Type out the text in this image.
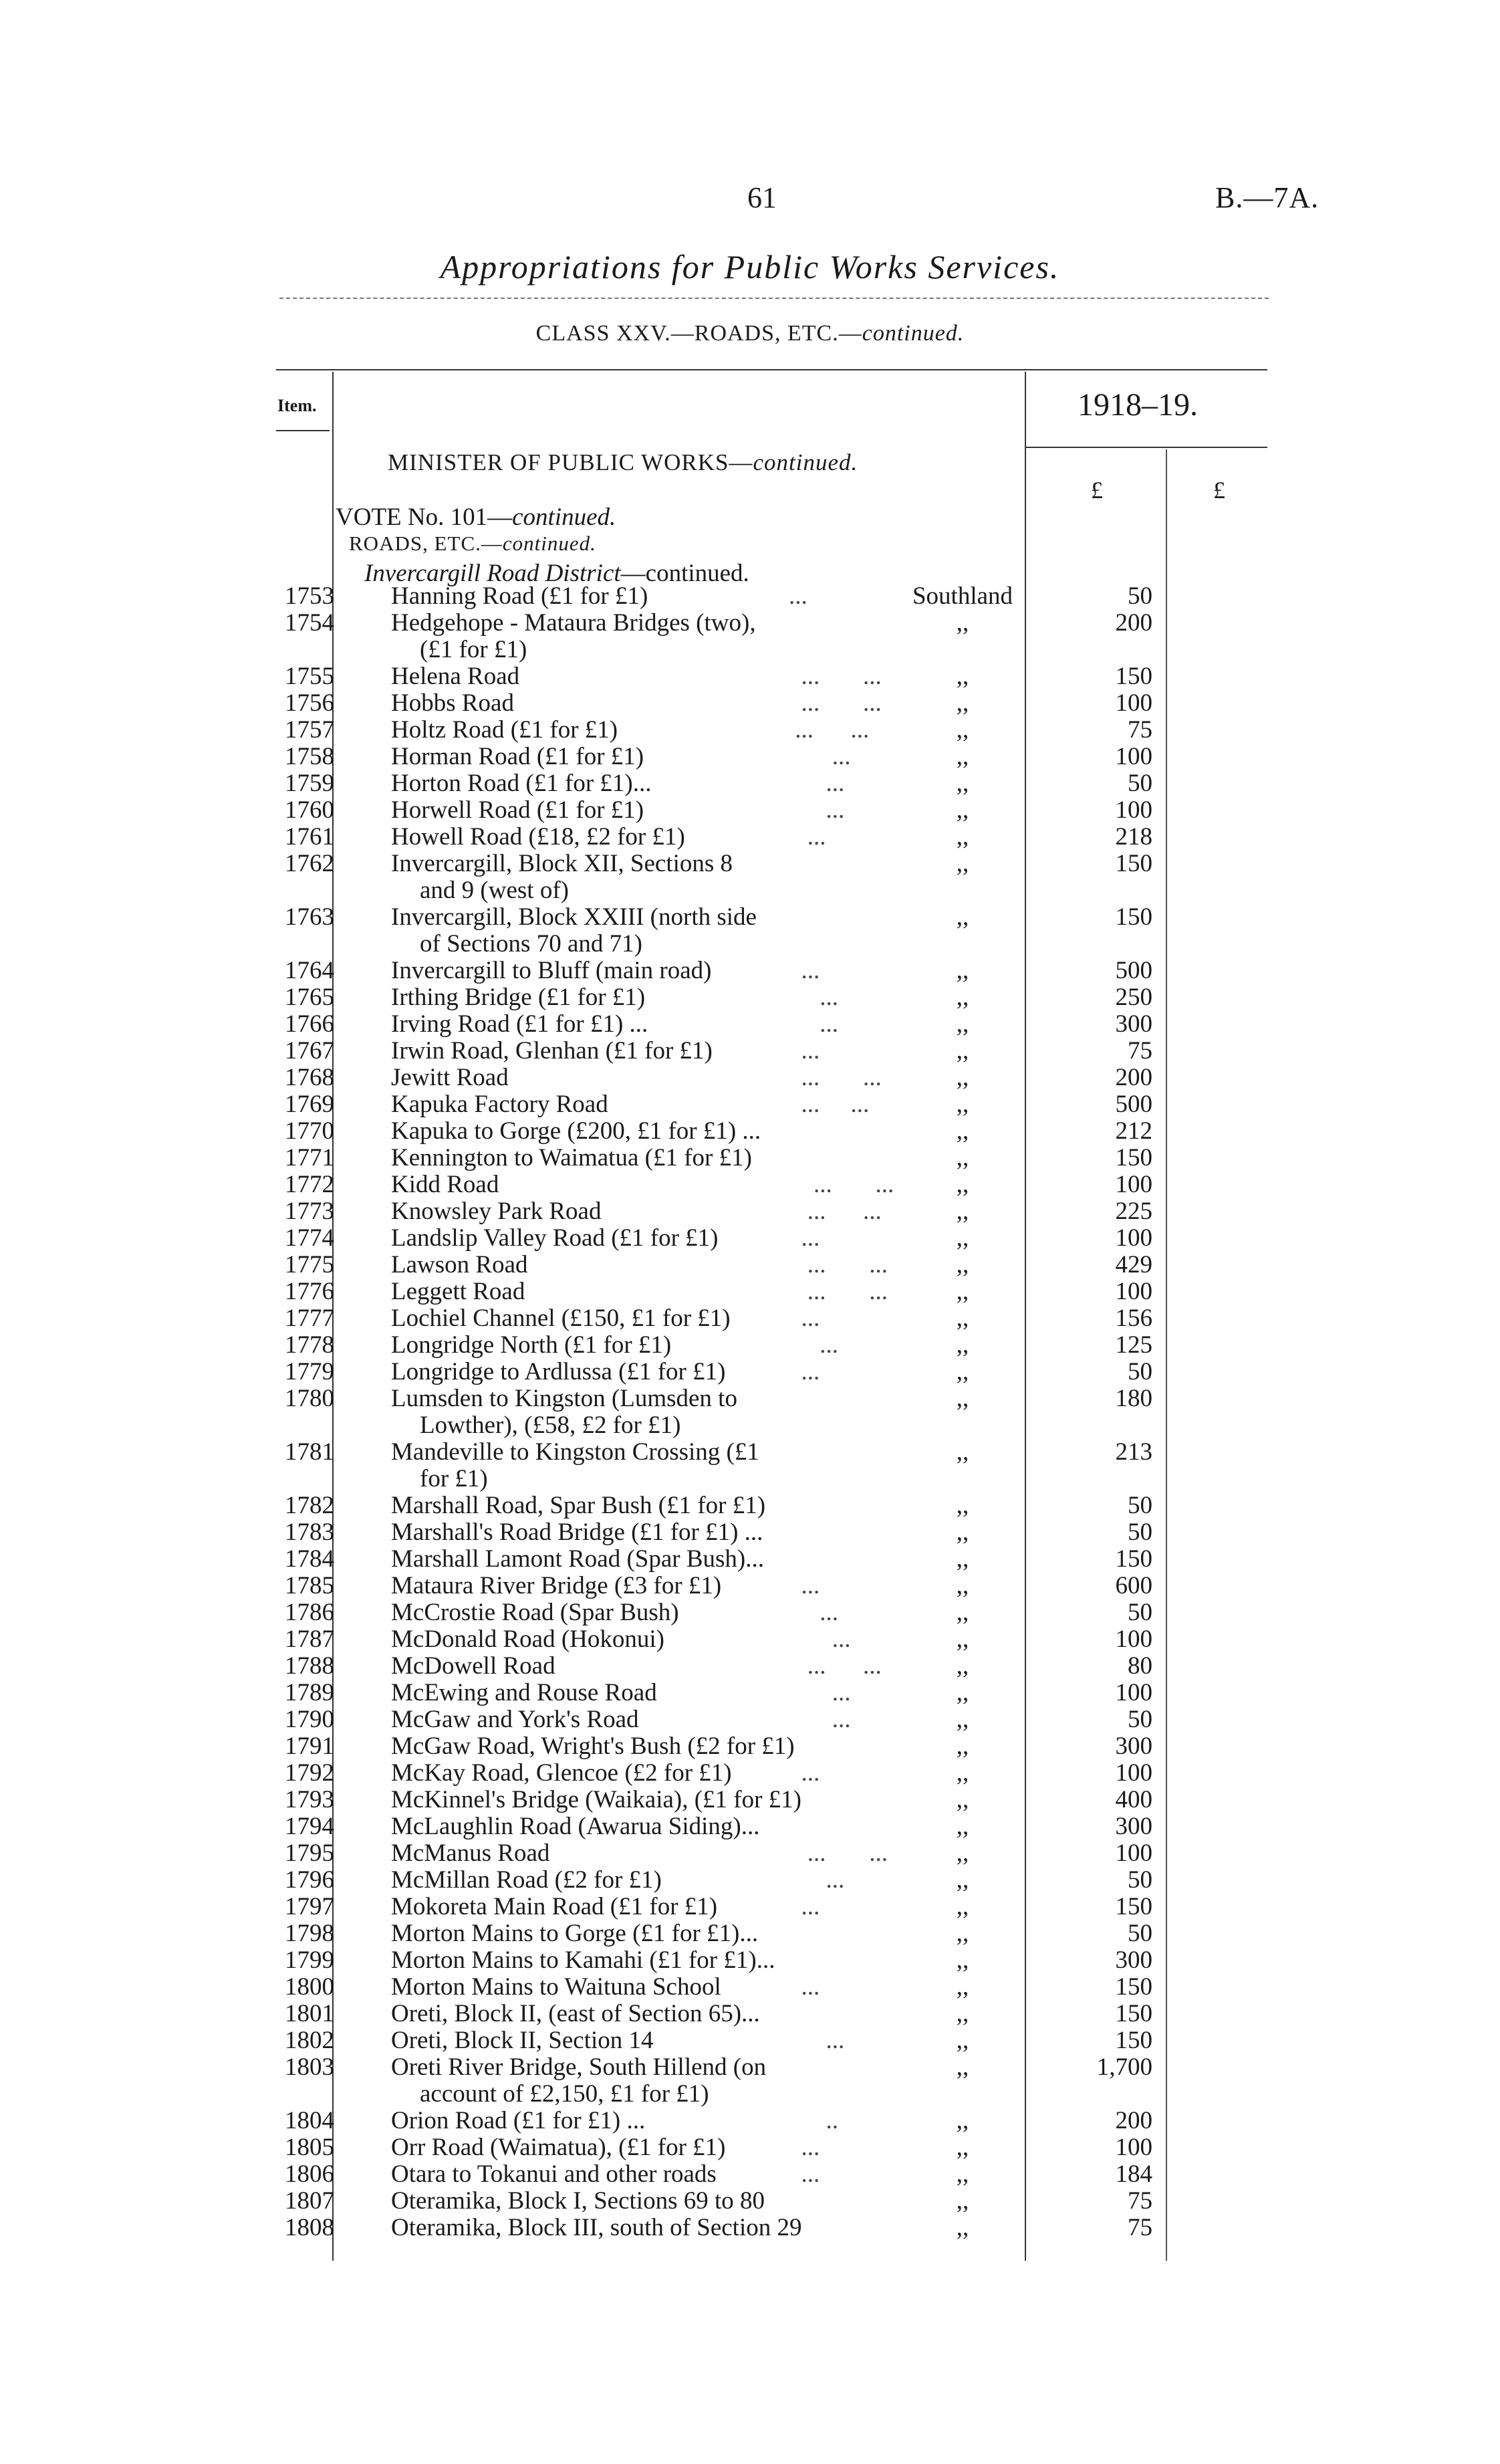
61	B.—7A.
Appropriations for Public Works Services.
CLASS XXV.—ROADS, ETC.—continued.
Item.	1918–19.
£	£
MINISTER OF PUBLIC WORKS—continued.
VOTE No. 101—continued.
ROADS, ETC.—continued.
Invercargill Road District—continued.
1753 Hanning Road (£1 for £1)	Southland	50
...
1754 Hedgehope - Mataura Bridges (two),	,,	200
(£1 for £1)
1755 Helena Road	,,	150
...       ...
1756 Hobbs Road	,,	100
...       ...
1757 Holtz Road (£1 for £1)	,,	75
...      ...
1758 Horman Road (£1 for £1)	,,	100
...
1759 Horton Road (£1 for £1)...	,,	50
...
1760 Horwell Road (£1 for £1)	,,	100
...
1761 Howell Road (£18, £2 for £1)	,,	218
...
1762 Invercargill, Block XII, Sections 8	,,	150
and 9 (west of)
1763 Invercargill, Block XXIII (north side	,,	150
of Sections 70 and 71)
1764 Invercargill to Bluff (main road)	,,	500
...
1765 Irthing Bridge (£1 for £1)	,,	250
...
1766 Irving Road (£1 for £1) ...	,,	300
...
1767 Irwin Road, Glenhan (£1 for £1)	,,	75
...
1768 Jewitt Road	,,	200
...       ...
1769 Kapuka Factory Road	,,	500
...     ...
1770 Kapuka to Gorge (£200, £1 for £1) ...	,,	212
1771 Kennington to Waimatua (£1 for £1)	,,	150
1772 Kidd Road	,,	100
...       ...
1773 Knowsley Park Road	,,	225
...      ...
1774 Landslip Valley Road (£1 for £1)	,,	100
...
1775 Lawson Road	,,	429
...       ...
1776 Leggett Road	,,	100
...       ...
1777 Lochiel Channel (£150, £1 for £1)	,,	156
...
1778 Longridge North (£1 for £1)	,,	125
...
1779 Longridge to Ardlussa (£1 for £1)	,,	50
...
1780 Lumsden to Kingston (Lumsden to	,,	180
Lowther), (£58, £2 for £1)
1781 Mandeville to Kingston Crossing (£1	,,	213
for £1)
1782 Marshall Road, Spar Bush (£1 for £1)	,,	50
1783 Marshall's Road Bridge (£1 for £1) ...	,,	50
1784 Marshall Lamont Road (Spar Bush)...	,,	150
1785 Mataura River Bridge (£3 for £1)	,,	600
...
1786 McCrostie Road (Spar Bush)	,,	50
...
1787 McDonald Road (Hokonui)	,,	100
...
1788 McDowell Road	,,	80
...      ...
1789 McEwing and Rouse Road	,,	100
...
1790 McGaw and York's Road	,,	50
...
1791 McGaw Road, Wright's Bush (£2 for £1)	,,	300
1792 McKay Road, Glencoe (£2 for £1)	,,	100
...
1793 McKinnel's Bridge (Waikaia), (£1 for £1)	,,	400
1794 McLaughlin Road (Awarua Siding)...	,,	300
1795 McManus Road	,,	100
...       ...
1796 McMillan Road (£2 for £1)	,,	50
...
1797 Mokoreta Main Road (£1 for £1)	,,	150
...
1798 Morton Mains to Gorge (£1 for £1)...	,,	50
1799 Morton Mains to Kamahi (£1 for £1)...	,,	300
1800 Morton Mains to Waituna School	,,	150
...
1801 Oreti, Block II, (east of Section 65)...	,,	150
1802 Oreti, Block II, Section 14	,,	150
...
1803 Oreti River Bridge, South Hillend (on	,,	1,700
account of £2,150, £1 for £1)
1804 Orion Road (£1 for £1) ...	,,	200
..
1805 Orr Road (Waimatua), (£1 for £1)	,,	100
...
1806 Otara to Tokanui and other roads	,,	184
...
1807 Oteramika, Block I, Sections 69 to 80	,,	75
1808 Oteramika, Block III, south of Section 29	,,	75
